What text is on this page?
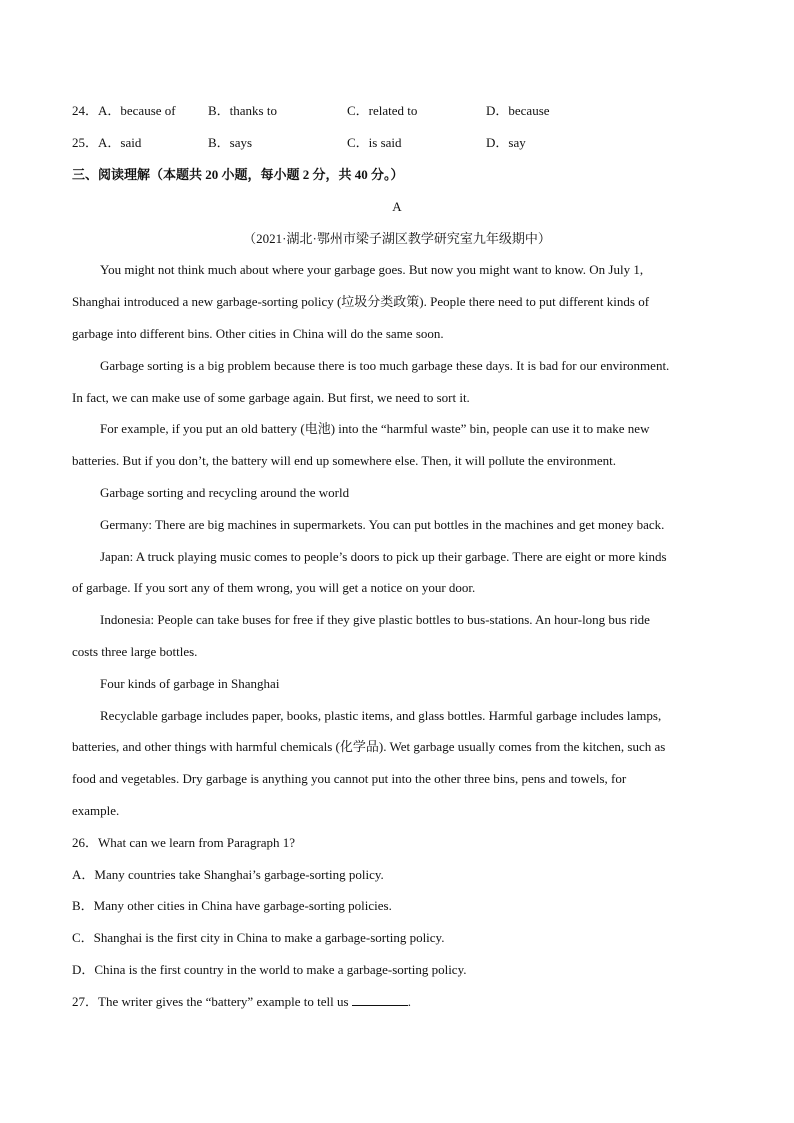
24． A．because of B．thanks to	C．related to	D．because
25． A．said	B．says	C．is said	D．say
三、阅读理解（本题共 20 小题，每小题 2 分，共 40 分。）
A
（2021·湖北·鄂州市梁子湖区教学研究室九年级期中）
You might not think much about where your garbage goes. But now you might want to know. On July 1,
Shanghai introduced a new garbage-sorting policy (垃圾分类政策). People there need to put different kinds of
garbage into different bins. Other cities in China will do the same soon.
Garbage sorting is a big problem because there is too much garbage these days. It is bad for our environment.
In fact, we can make use of some garbage again. But first, we need to sort it.
For example, if you put an old battery (电池) into the “harmful waste” bin, people can use it to make new
batteries. But if you don’t, the battery will end up somewhere else. Then, it will pollute the environment.
Garbage sorting and recycling around the world
Germany: There are big machines in supermarkets. You can put bottles in the machines and get money back.
Japan: A truck playing music comes to people’s doors to pick up their garbage. There are eight or more kinds
of garbage. If you sort any of them wrong, you will get a notice on your door.
Indonesia: People can take buses for free if they give plastic bottles to bus-stations. An hour-long bus ride
costs three large bottles.
Four kinds of garbage in Shanghai
Recyclable garbage includes paper, books, plastic items, and glass bottles. Harmful garbage includes lamps,
batteries, and other things with harmful chemicals (化学品). Wet garbage usually comes from the kitchen, such as
food and vegetables. Dry garbage is anything you cannot put into the other three bins, pens and towels, for
example.
26．What can we learn from Paragraph 1?
A．Many countries take Shanghai’s garbage-sorting policy.
B．Many other cities in China have garbage-sorting policies.
C．Shanghai is the first city in China to make a garbage-sorting policy.
D．China is the first country in the world to make a garbage-sorting policy.
27．The writer gives the “battery” example to tell us	.
